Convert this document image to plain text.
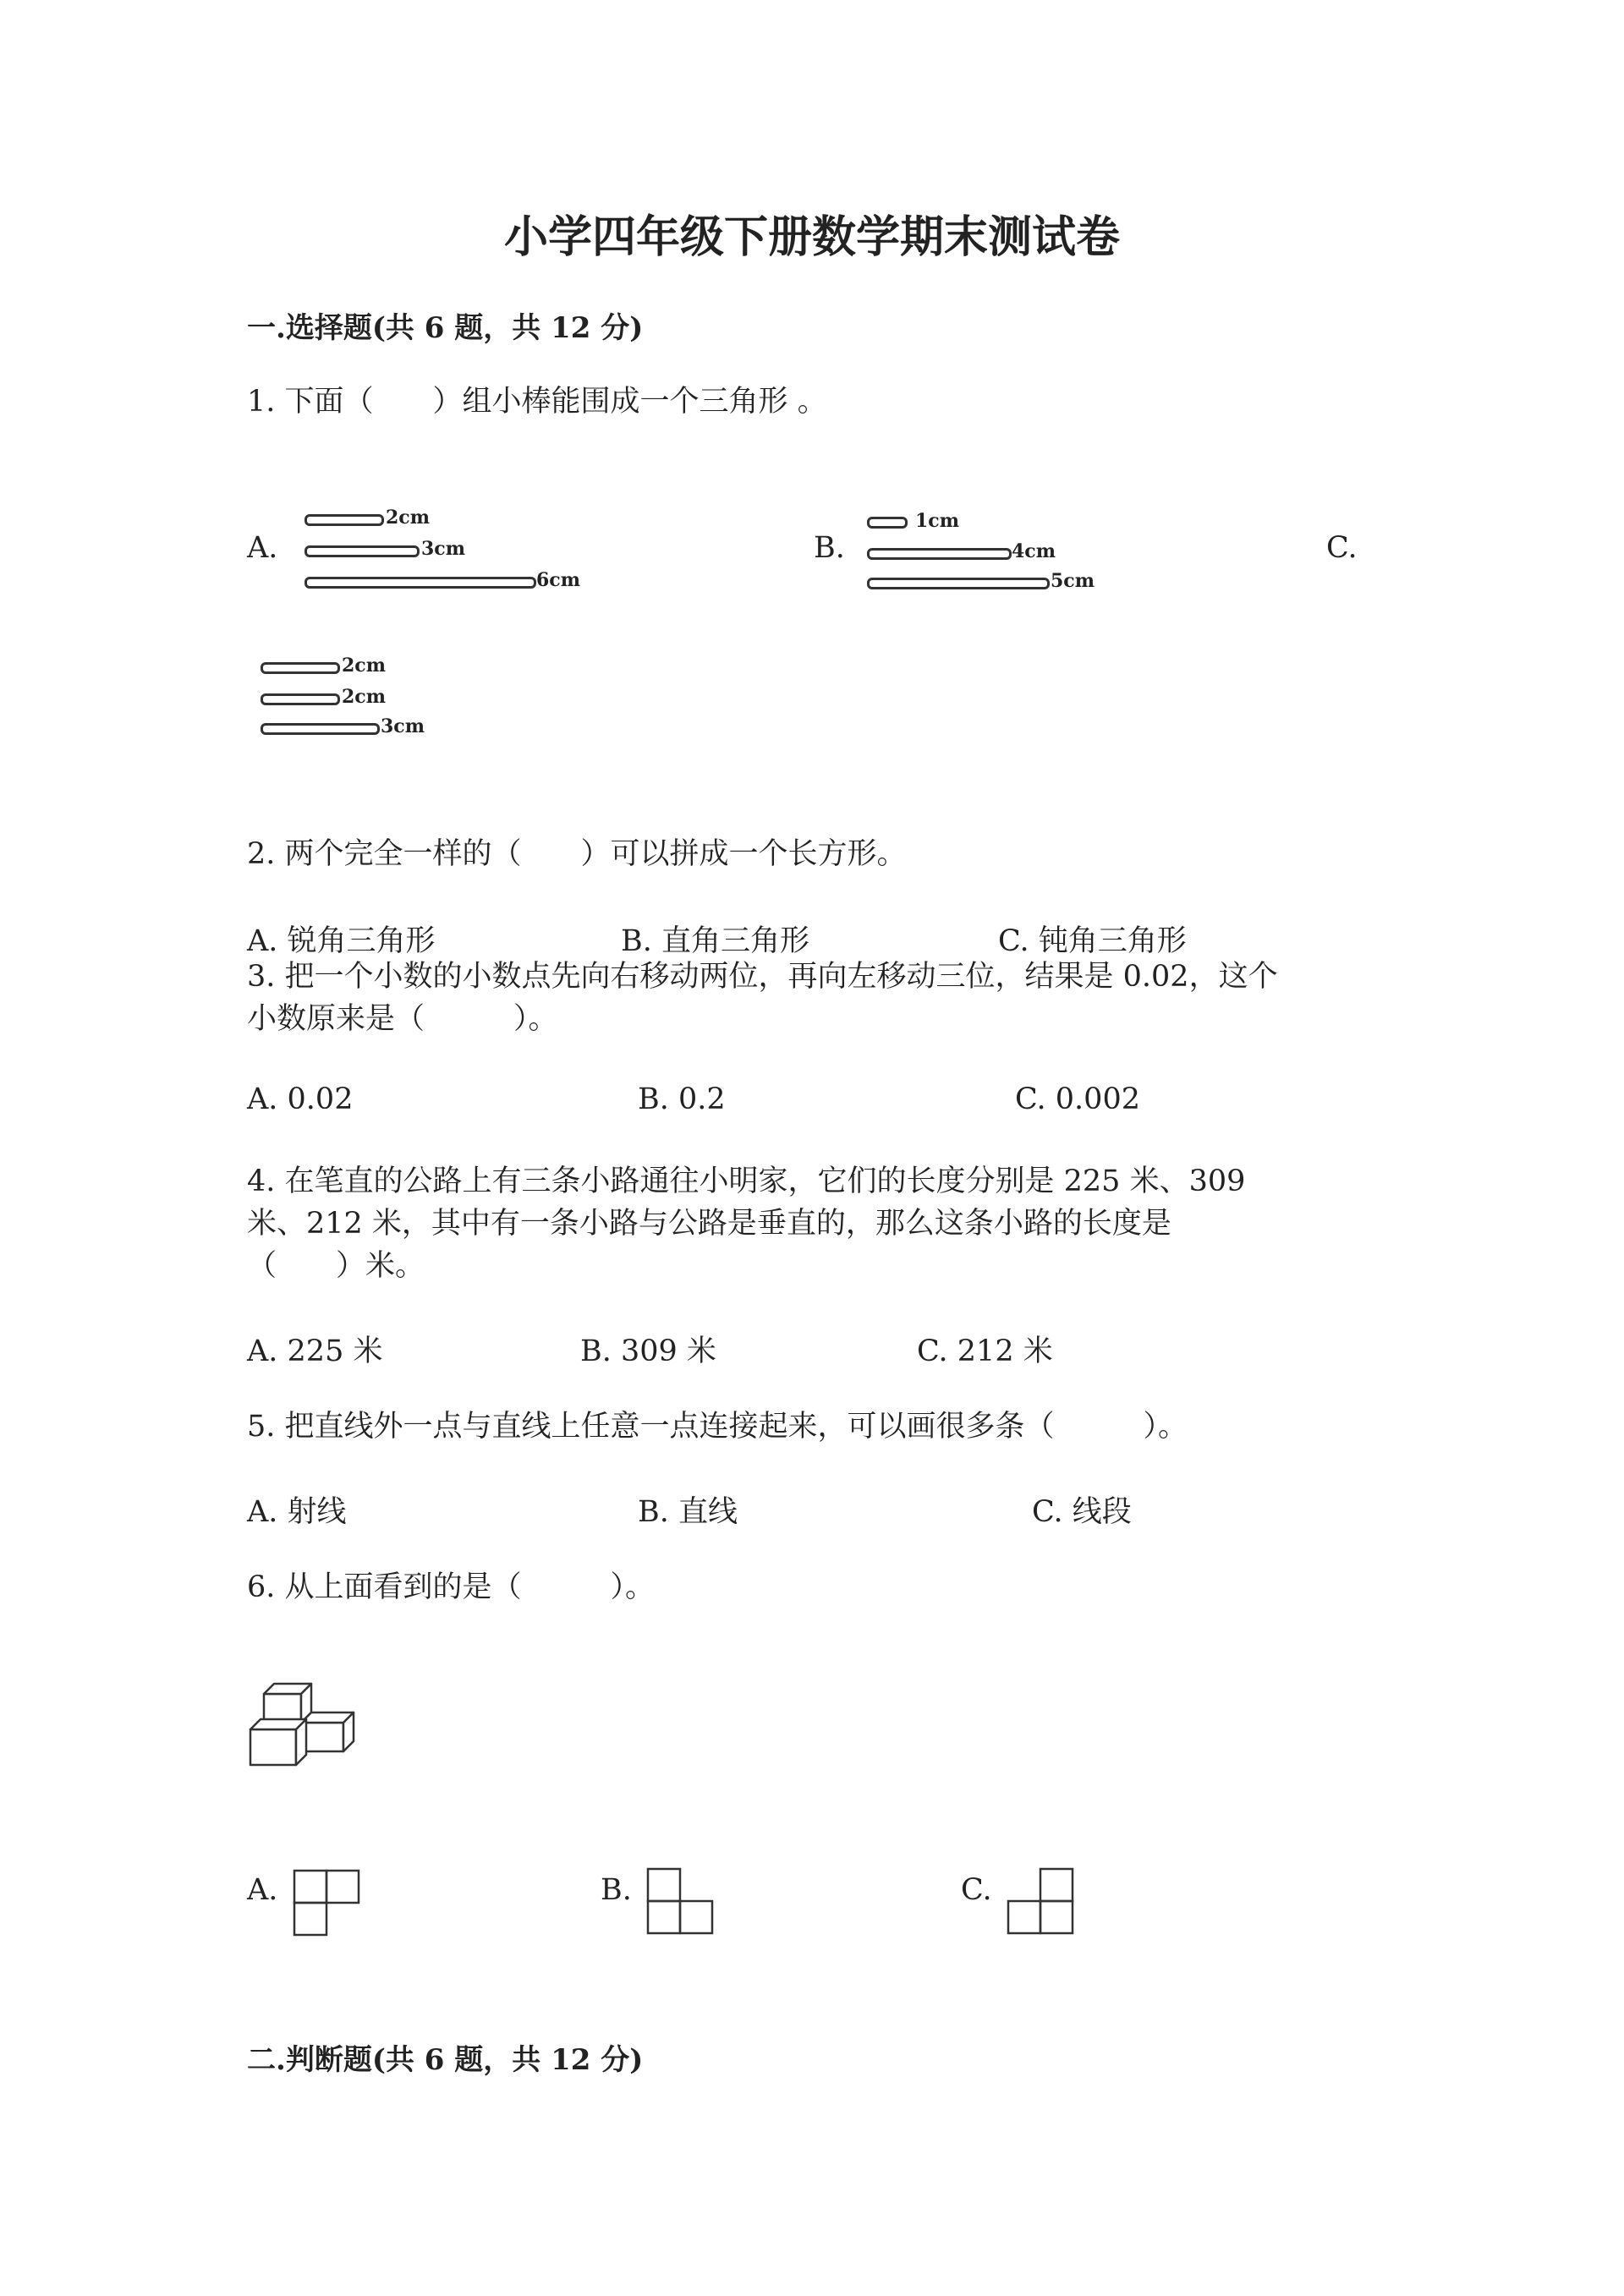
小学四年级下册数学期末测试卷
一.选择题(共 6 题，共 12 分)
1. 下面（　　）组小棒能围成一个三角形 。
A.
2cm
3cm
6cm
B.
1cm
4cm
5cm
C.
2cm
2cm
3cm
2. 两个完全一样的（　　）可以拼成一个长方形。
A. 锐角三角形	B. 直角三角形	C. 钝角三角形
3. 把一个小数的小数点先向右移动两位，再向左移动三位，结果是 0.02，这个
小数原来是（　　　）。
A. 0.02	B. 0.2	C. 0.002
4. 在笔直的公路上有三条小路通往小明家，它们的长度分别是 225 米、309
米、212 米，其中有一条小路与公路是垂直的，那么这条小路的长度是
（　　）米。
A. 225 米	B. 309 米	C. 212 米
5. 把直线外一点与直线上任意一点连接起来，可以画很多条（　　　）。
A. 射线	B. 直线	C. 线段
6. 从上面看到的是（　　　）。
A.	B.	C.
二.判断题(共 6 题，共 12 分)
